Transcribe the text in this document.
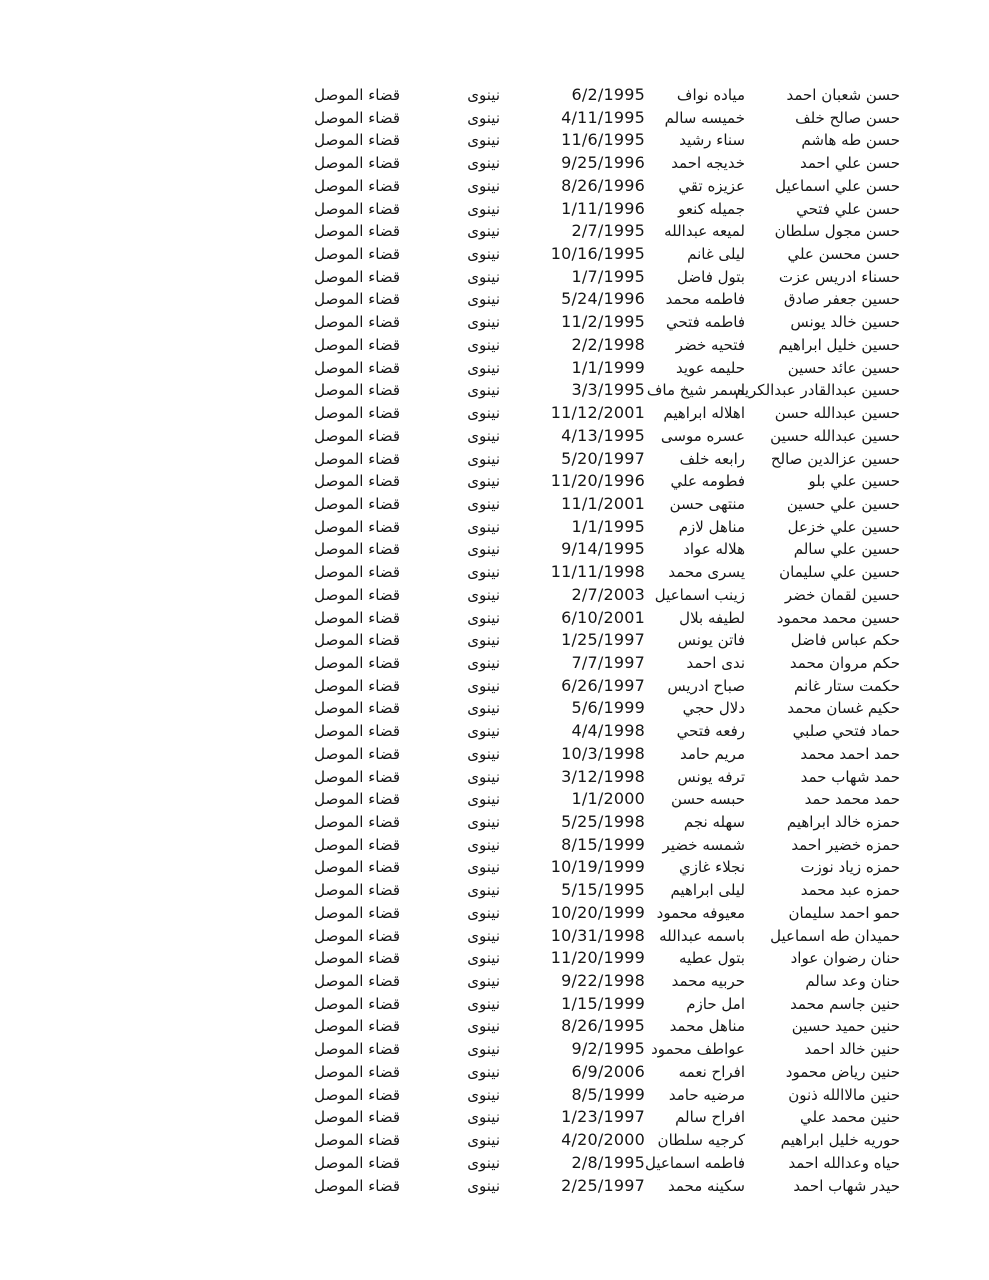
حسن شعبان احمد
مياده نواف
6/2/1995
نينوى
قضاء الموصل
حسن صالح خلف
خميسه سالم
4/11/1995
نينوى
قضاء الموصل
حسن طه هاشم
سناء رشيد
11/6/1995
نينوى
قضاء الموصل
حسن علي احمد
خديجه احمد
9/25/1996
نينوى
قضاء الموصل
حسن علي اسماعيل
عزيزه تقي
8/26/1996
نينوى
قضاء الموصل
حسن علي فتحي
جميله كنعو
1/11/1996
نينوى
قضاء الموصل
حسن مجول سلطان
لميعه عبدالله
2/7/1995
نينوى
قضاء الموصل
حسن محسن علي
ليلى غانم
10/16/1995
نينوى
قضاء الموصل
حسناء ادريس عزت
بتول فاضل
1/7/1995
نينوى
قضاء الموصل
حسين جعفر صادق
فاطمه محمد
5/24/1996
نينوى
قضاء الموصل
حسين خالد يونس
فاطمه فتحي
11/2/1995
نينوى
قضاء الموصل
حسين خليل ابراهيم
فتحيه خضر
2/2/1998
نينوى
قضاء الموصل
حسين عائد حسين
حليمه عويد
1/1/1999
نينوى
قضاء الموصل
حسين عبدالقادر عبدالكريم
اسمر شيخ ماف
3/3/1995
نينوى
قضاء الموصل
حسين عبدالله حسن
اهلاله ابراهيم
11/12/2001
نينوى
قضاء الموصل
حسين عبدالله حسين
عسره موسى
4/13/1995
نينوى
قضاء الموصل
حسين عزالدين صالح
رابعه خلف
5/20/1997
نينوى
قضاء الموصل
حسين علي بلو
فطومه علي
11/20/1996
نينوى
قضاء الموصل
حسين علي حسين
منتهى حسن
11/1/2001
نينوى
قضاء الموصل
حسين علي خزعل
مناهل لازم
1/1/1995
نينوى
قضاء الموصل
حسين علي سالم
هلاله عواد
9/14/1995
نينوى
قضاء الموصل
حسين علي سليمان
يسرى محمد
11/11/1998
نينوى
قضاء الموصل
حسين لقمان خضر
زينب اسماعيل
2/7/2003
نينوى
قضاء الموصل
حسين محمد محمود
لطيفه بلال
6/10/2001
نينوى
قضاء الموصل
حكم عباس فاضل
فاتن يونس
1/25/1997
نينوى
قضاء الموصل
حكم مروان محمد
ندى احمد
7/7/1997
نينوى
قضاء الموصل
حكمت ستار غانم
صباح ادريس
6/26/1997
نينوى
قضاء الموصل
حكيم غسان محمد
دلال حجي
5/6/1999
نينوى
قضاء الموصل
حماد فتحي صلبي
رفعه فتحي
4/4/1998
نينوى
قضاء الموصل
حمد احمد محمد
مريم حامد
10/3/1998
نينوى
قضاء الموصل
حمد شهاب حمد
ترفه يونس
3/12/1998
نينوى
قضاء الموصل
حمد محمد حمد
حبسه حسن
1/1/2000
نينوى
قضاء الموصل
حمزه خالد ابراهيم
سهله نجم
5/25/1998
نينوى
قضاء الموصل
حمزه خضير احمد
شمسه خضير
8/15/1999
نينوى
قضاء الموصل
حمزه زياد نوزت
نجلاء غازي
10/19/1999
نينوى
قضاء الموصل
حمزه عبد محمد
ليلى ابراهيم
5/15/1995
نينوى
قضاء الموصل
حمو احمد سليمان
معيوفه محمود
10/20/1999
نينوى
قضاء الموصل
حميدان طه اسماعيل
باسمه عبدالله
10/31/1998
نينوى
قضاء الموصل
حنان رضوان عواد
بتول عطيه
11/20/1999
نينوى
قضاء الموصل
حنان وعد سالم
حربيه محمد
9/22/1998
نينوى
قضاء الموصل
حنين جاسم محمد
امل حازم
1/15/1999
نينوى
قضاء الموصل
حنين حميد حسين
مناهل محمد
8/26/1995
نينوى
قضاء الموصل
حنين خالد احمد
عواطف محمود
9/2/1995
نينوى
قضاء الموصل
حنين رياض محمود
افراح نعمه
6/9/2006
نينوى
قضاء الموصل
حنين مالاالله ذنون
مرضيه حامد
8/5/1999
نينوى
قضاء الموصل
حنين محمد علي
افراح سالم
1/23/1997
نينوى
قضاء الموصل
حوريه خليل ابراهيم
كرجيه سلطان
4/20/2000
نينوى
قضاء الموصل
حياه وعدالله احمد
فاطمه اسماعيل
2/8/1995
نينوى
قضاء الموصل
حيدر شهاب احمد
سكينه محمد
2/25/1997
نينوى
قضاء الموصل
